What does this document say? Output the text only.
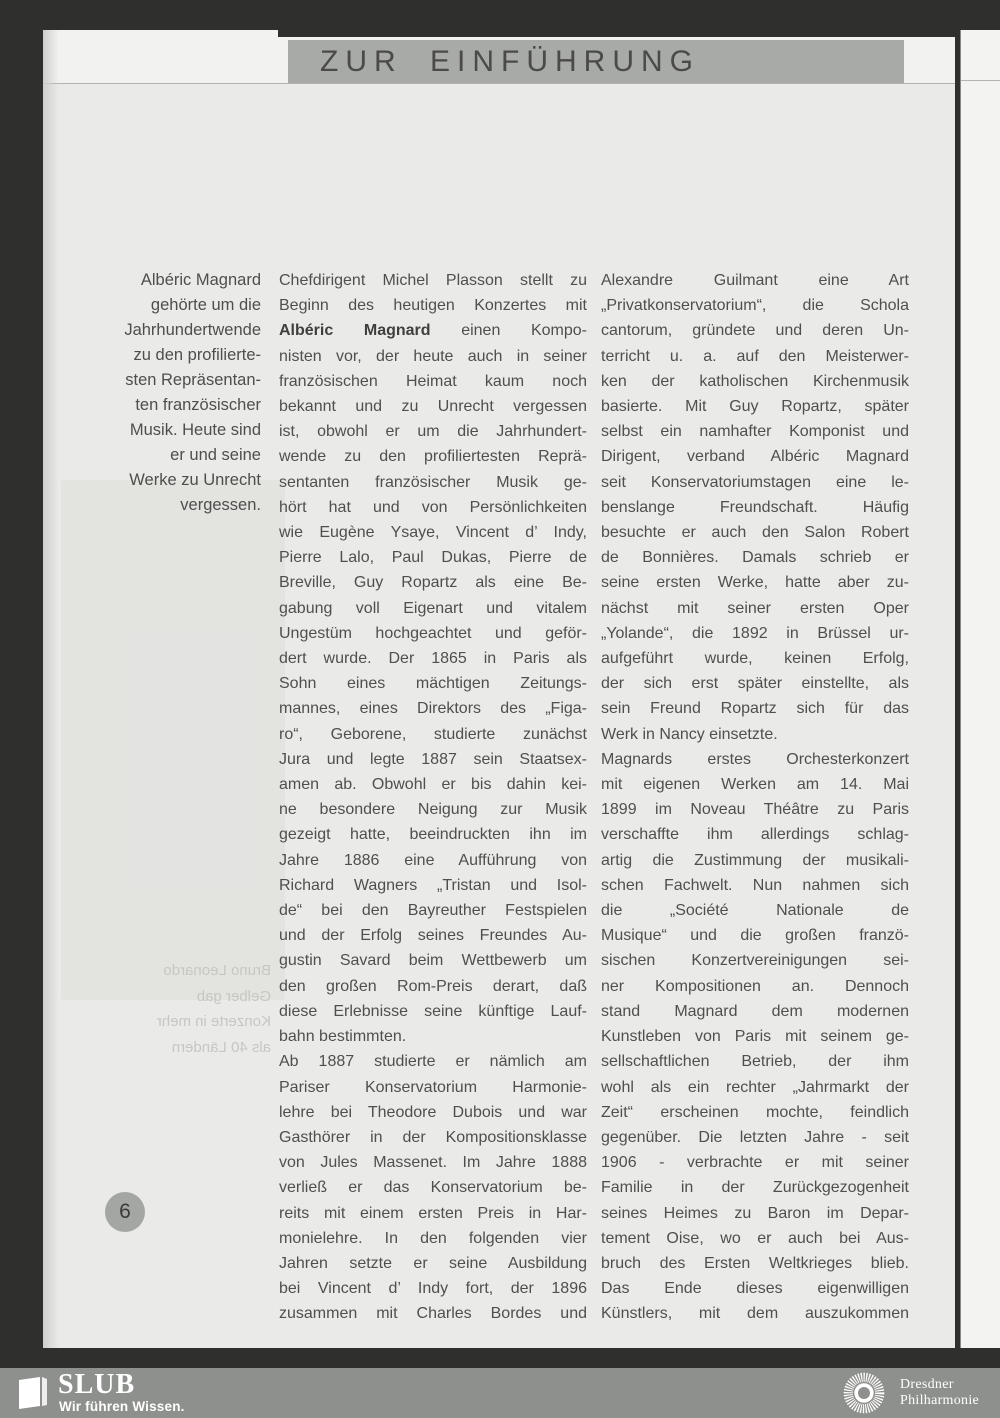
ZUR EINFÜHRUNG
Bruno Leonardo
Gelber gab
Konzerte in mehr
als 40 Ländern
Albéric Magnard
gehörte um die
Jahrhundertwende
zu den profilierte-
sten Repräsentan-
ten französischer
Musik. Heute sind
er und seine
Werke zu Unrecht
vergessen.
Chefdirigent Michel Plasson stellt zu
Beginn des heutigen Konzertes mit
Albéric Magnard einen Kompo-
nisten vor, der heute auch in seiner
französischen Heimat kaum noch
bekannt und zu Unrecht vergessen
ist, obwohl er um die Jahrhundert-
wende zu den profiliertesten Reprä-
sentanten französischer Musik ge-
hört hat und von Persönlichkeiten
wie Eugène Ysaye, Vincent d’ Indy,
Pierre Lalo, Paul Dukas, Pierre de
Breville, Guy Ropartz als eine Be-
gabung voll Eigenart und vitalem
Ungestüm hochgeachtet und geför-
dert wurde. Der 1865 in Paris als
Sohn eines mächtigen Zeitungs-
mannes, eines Direktors des „Figa-
ro“, Geborene, studierte zunächst
Jura und legte 1887 sein Staatsex-
amen ab. Obwohl er bis dahin kei-
ne besondere Neigung zur Musik
gezeigt hatte, beeindruckten ihn im
Jahre 1886 eine Aufführung von
Richard Wagners „Tristan und Isol-
de“ bei den Bayreuther Festspielen
und der Erfolg seines Freundes Au-
gustin Savard beim Wettbewerb um
den großen Rom-Preis derart, daß
diese Erlebnisse seine künftige Lauf-
bahn bestimmten.
Ab 1887 studierte er nämlich am
Pariser Konservatorium Harmonie-
lehre bei Theodore Dubois und war
Gasthörer in der Kompositionsklasse
von Jules Massenet. Im Jahre 1888
verließ er das Konservatorium be-
reits mit einem ersten Preis in Har-
monielehre. In den folgenden vier
Jahren setzte er seine Ausbildung
bei Vincent d’ Indy fort, der 1896
zusammen mit Charles Bordes und
Alexandre Guilmant eine Art
„Privatkonservatorium“, die Schola
cantorum, gründete und deren Un-
terricht u. a. auf den Meisterwer-
ken der katholischen Kirchenmusik
basierte. Mit Guy Ropartz, später
selbst ein namhafter Komponist und
Dirigent, verband Albéric Magnard
seit Konservatoriumstagen eine le-
benslange Freundschaft. Häufig
besuchte er auch den Salon Robert
de Bonnières. Damals schrieb er
seine ersten Werke, hatte aber zu-
nächst mit seiner ersten Oper
„Yolande“, die 1892 in Brüssel ur-
aufgeführt wurde, keinen Erfolg,
der sich erst später einstellte, als
sein Freund Ropartz sich für das
Werk in Nancy einsetzte.
Magnards erstes Orchesterkonzert
mit eigenen Werken am 14. Mai
1899 im Noveau Théâtre zu Paris
verschaffte ihm allerdings schlag-
artig die Zustimmung der musikali-
schen Fachwelt. Nun nahmen sich
die „Société Nationale de
Musique“ und die großen franzö-
sischen Konzertvereinigungen sei-
ner Kompositionen an. Dennoch
stand Magnard dem modernen
Kunstleben von Paris mit seinem ge-
sellschaftlichen Betrieb, der ihm
wohl als ein rechter „Jahrmarkt der
Zeit“ erscheinen mochte, feindlich
gegenüber. Die letzten Jahre - seit
1906 - verbrachte er mit seiner
Familie in der Zurückgezogenheit
seines Heimes zu Baron im Depar-
tement Oise, wo er auch bei Aus-
bruch des Ersten Weltkrieges blieb.
Das Ende dieses eigenwilligen
Künstlers, mit dem auszukommen
6
SLUB
Wir führen Wissen.
Dresdner
Philharmonie
